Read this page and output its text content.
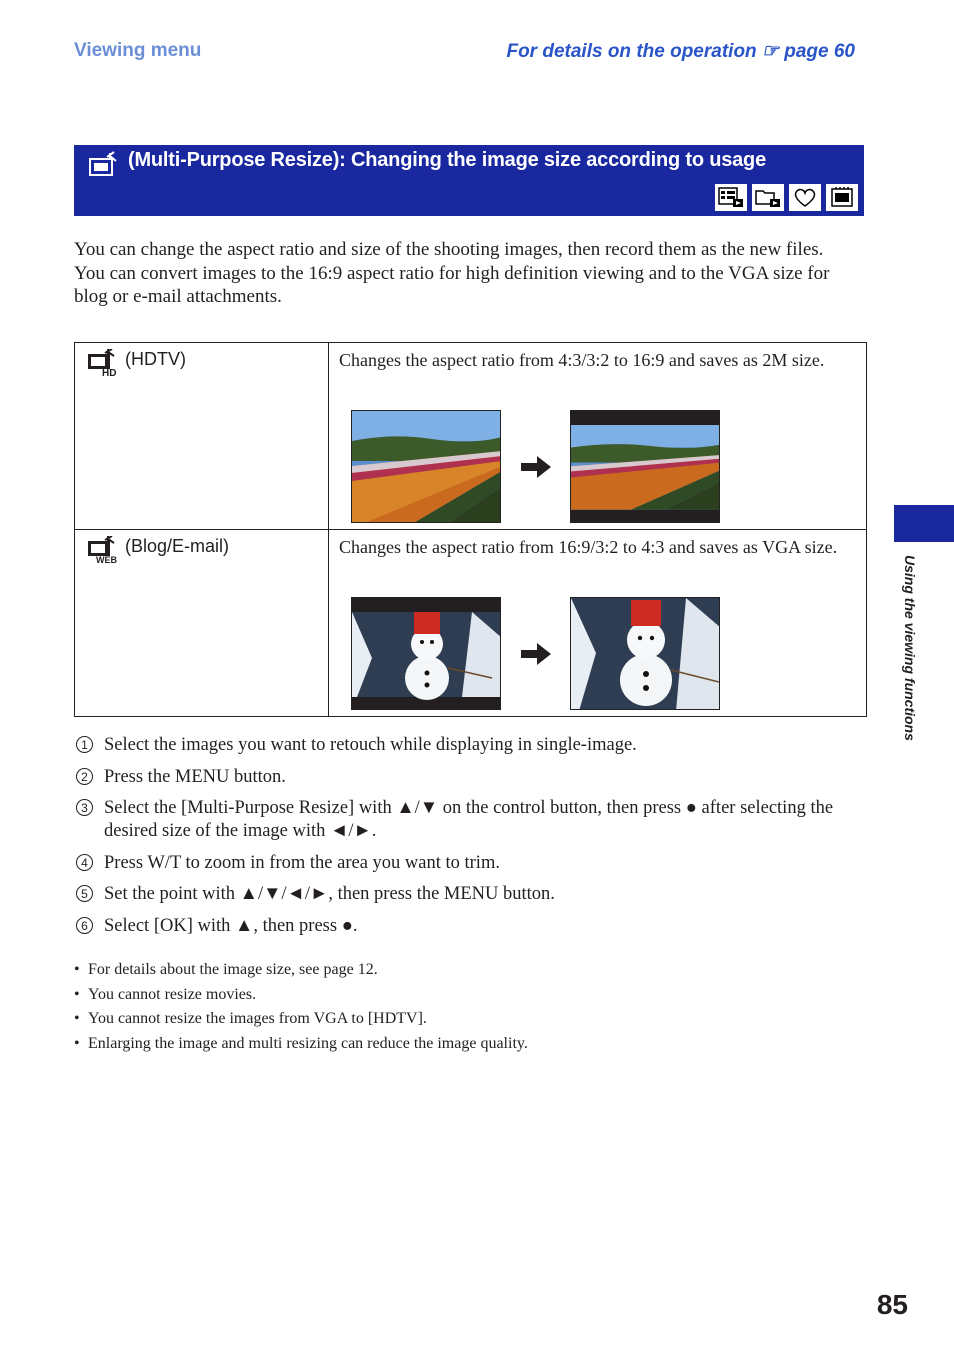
Viewing menu	For details on the operation ☞ page 60
(Multi-Purpose Resize): Changing the image size according to usage

You can change the aspect ratio and size of the shooting images, then record them as the new files.

You can convert images to the 16:9 aspect ratio for high definition viewing and to the VGA size for blog or e-mail attachments.

HD
(HDTV)	Changes the aspect ratio from 4:3/3:2 to 16:9 and saves as 2M size.

WEB
(Blog/E-mail)	Changes the aspect ratio from 16:9/3:2 to 4:3 and saves as VGA size.
1 Select the images you want to retouch while displaying in single-image.
2 Press the MENU button.
3 Select the [Multi-Purpose Resize] with ▲/▼ on the control button, then press ● after selecting the desired size of the image with ◄/►.
4 Press W/T to zoom in from the area you want to trim.
5 Set the point with ▲/▼/◄/►, then press the MENU button.
6 Select [OK] with ▲, then press ●.
• For details about the image size, see page 12.
• You cannot resize movies.
• You cannot resize the images from VGA to [HDTV].
• Enlarging the image and multi resizing can reduce the image quality.
Using the viewing functions
85
